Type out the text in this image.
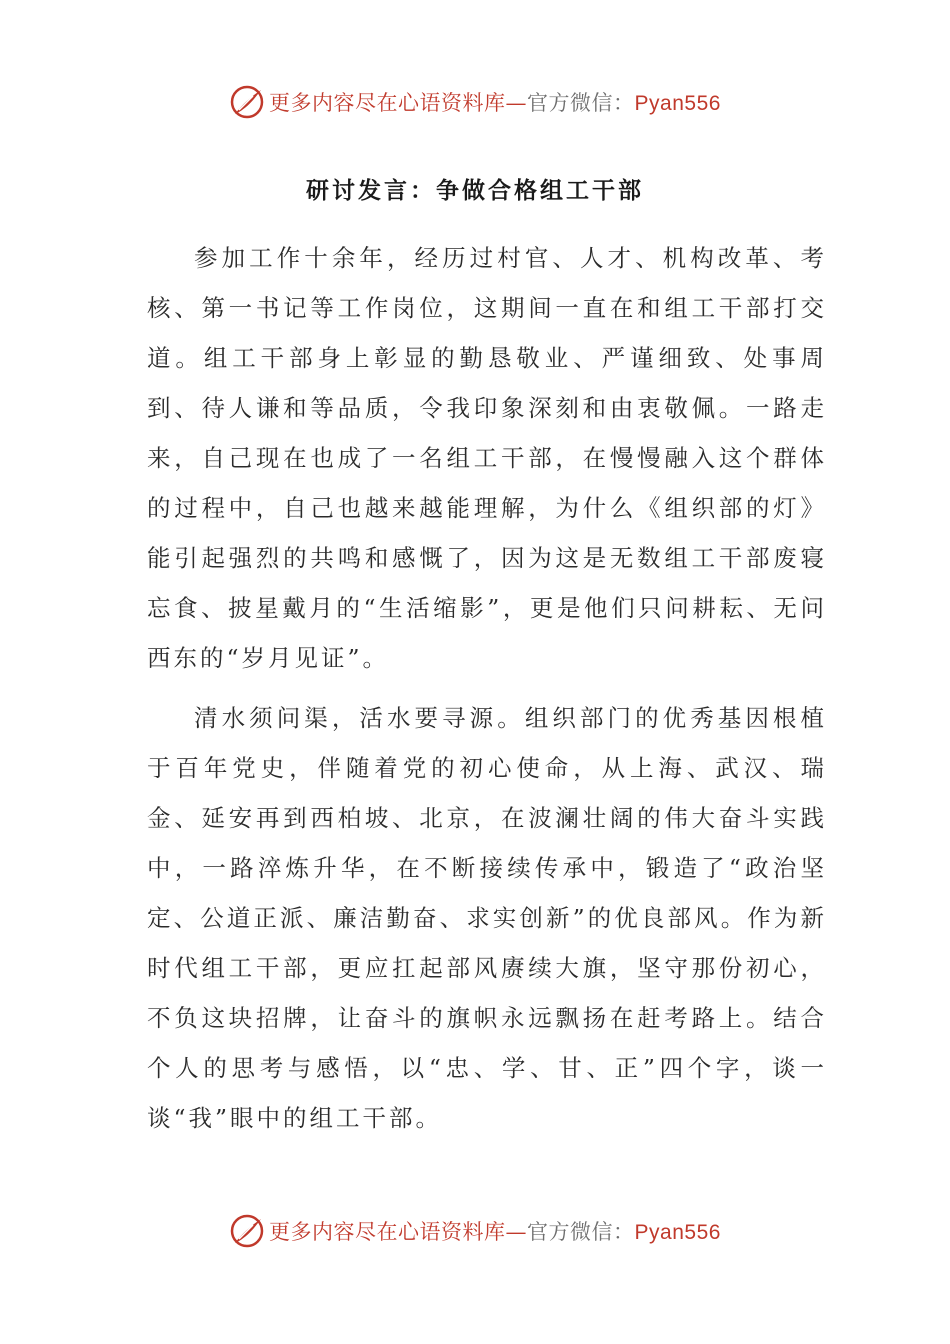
更多内容尽在心语资料库—官方微信：Pyan556
研讨发言：争做合格组工干部

参加工作十余年，经历过村官、人才、机构改革、考核、第一书记等工作岗位，这期间一直在和组工干部打交道。组工干部身上彰显的勤恳敬业、严谨细致、处事周到、待人谦和等品质，令我印象深刻和由衷敬佩。一路走来，自己现在也成了一名组工干部，在慢慢融入这个群体的过程中，自己也越来越能理解，为什么《组织部的灯》能引起强烈的共鸣和感慨了，因为这是无数组工干部废寝忘食、披星戴月的“生活缩影”，更是他们只问耕耘、无问西东的“岁月见证”。

清水须问渠，活水要寻源。组织部门的优秀基因根植于百年党史，伴随着党的初心使命，从上海、武汉、瑞金、延安再到西柏坡、北京，在波澜壮阔的伟大奋斗实践中，一路淬炼升华，在不断接续传承中，锻造了“政治坚定、公道正派、廉洁勤奋、求实创新”的优良部风。作为新时代组工干部，更应扛起部风赓续大旗，坚守那份初心，不负这块招牌，让奋斗的旗帜永远飘扬在赶考路上。结合个人的思考与感悟，以“忠、学、甘、正”四个字，谈一谈“我”眼中的组工干部。

更多内容尽在心语资料库—官方微信：Pyan556
